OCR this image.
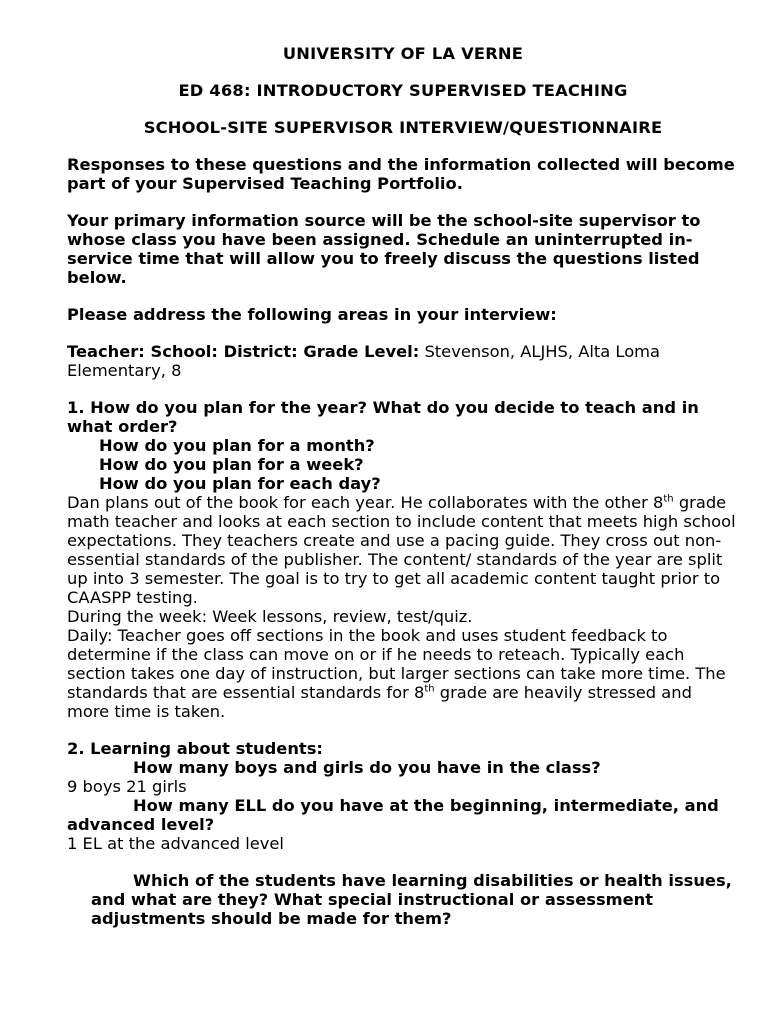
UNIVERSITY OF LA VERNE

ED 468: INTRODUCTORY SUPERVISED TEACHING

SCHOOL-SITE SUPERVISOR INTERVIEW/QUESTIONNAIRE

Responses to these questions and the information collected will become part of your Supervised Teaching Portfolio.

Your primary information source will be the school-site supervisor to whose class you have been assigned. Schedule an uninterrupted in-service time that will allow you to freely discuss the questions listed below.

Please address the following areas in your interview:

Teacher: School: District: Grade Level: Stevenson, ALJHS, Alta Loma Elementary, 8

1. How do you plan for the year? What do you decide to teach and in what order?

How do you plan for a month?

How do you plan for a week?

How do you plan for each day?

Dan plans out of the book for each year. He collaborates with the other 8th grade math teacher and looks at each section to include content that meets high school expectations. They teachers create and use a pacing guide. They cross out non-essential standards of the publisher. The content/ standards of the year are split up into 3 semester. The goal is to try to get all academic content taught prior to CAASPP testing.

During the week: Week lessons, review, test/quiz.

Daily: Teacher goes off sections in the book and uses student feedback to determine if the class can move on or if he needs to reteach. Typically each section takes one day of instruction, but larger sections can take more time. The standards that are essential standards for 8th grade are heavily stressed and more time is taken.

2. Learning about students:

How many boys and girls do you have in the class?

9 boys 21 girls

How many ELL do you have at the beginning, intermediate, and advanced level?

1 EL at the advanced level

Which of the students have learning disabilities or health issues, and what are they? What special instructional or assessment adjustments should be made for them?
